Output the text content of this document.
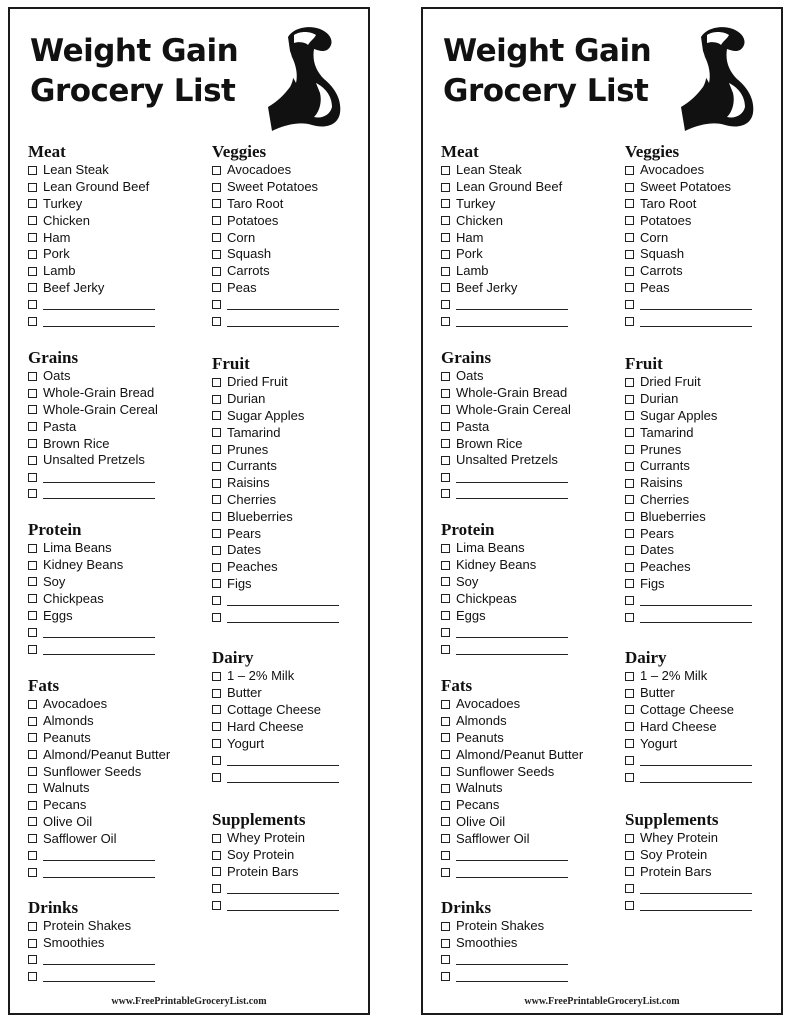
Weight Gain
Grocery List
Meat
Lean Steak
Lean Ground Beef
Turkey
Chicken
Ham
Pork
Lamb
Beef Jerky
Grains
Oats
Whole-Grain Bread
Whole-Grain Cereal
Pasta
Brown Rice
Unsalted Pretzels
Protein
Lima Beans
Kidney Beans
Soy
Chickpeas
Eggs
Fats
Avocadoes
Almonds
Peanuts
Almond/Peanut Butter
Sunflower Seeds
Walnuts
Pecans
Olive Oil
Safflower Oil
Drinks
Protein Shakes
Smoothies
Veggies
Avocadoes
Sweet Potatoes
Taro Root
Potatoes
Corn
Squash
Carrots
Peas
Fruit
Dried Fruit
Durian
Sugar Apples
Tamarind
Prunes
Currants
Raisins
Cherries
Blueberries
Pears
Dates
Peaches
Figs
Dairy
1 – 2% Milk
Butter
Cottage Cheese
Hard Cheese
Yogurt
Supplements
Whey Protein
Soy Protein
Protein Bars
www.FreePrintableGroceryList.com
Weight Gain
Grocery List
Meat
Lean Steak
Lean Ground Beef
Turkey
Chicken
Ham
Pork
Lamb
Beef Jerky
Grains
Oats
Whole-Grain Bread
Whole-Grain Cereal
Pasta
Brown Rice
Unsalted Pretzels
Protein
Lima Beans
Kidney Beans
Soy
Chickpeas
Eggs
Fats
Avocadoes
Almonds
Peanuts
Almond/Peanut Butter
Sunflower Seeds
Walnuts
Pecans
Olive Oil
Safflower Oil
Drinks
Protein Shakes
Smoothies
Veggies
Avocadoes
Sweet Potatoes
Taro Root
Potatoes
Corn
Squash
Carrots
Peas
Fruit
Dried Fruit
Durian
Sugar Apples
Tamarind
Prunes
Currants
Raisins
Cherries
Blueberries
Pears
Dates
Peaches
Figs
Dairy
1 – 2% Milk
Butter
Cottage Cheese
Hard Cheese
Yogurt
Supplements
Whey Protein
Soy Protein
Protein Bars
www.FreePrintableGroceryList.com
